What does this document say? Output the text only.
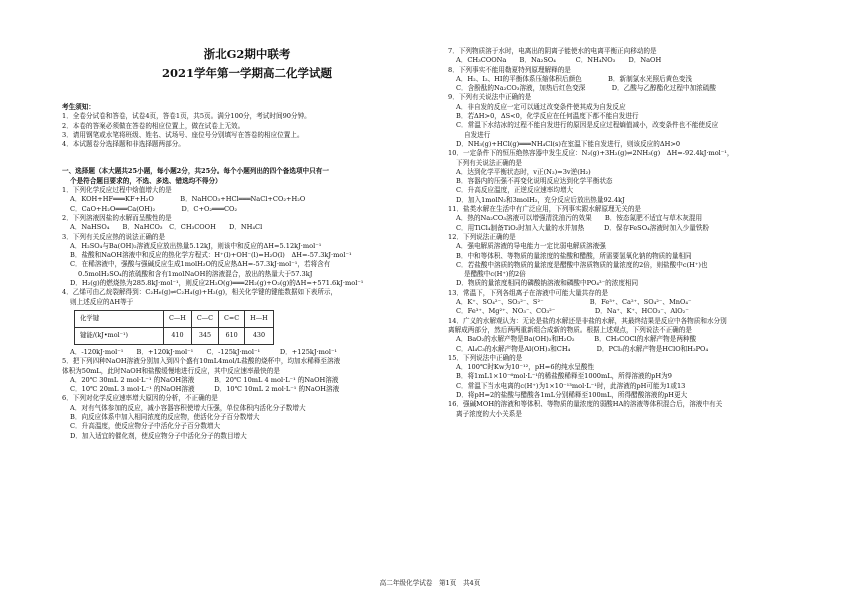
浙北G2期中联考
2021学年第一学期高二化学试题
考生须知：
1．全卷分试卷和答卷，试卷4页，答卷1页，共5页。满分100分，考试时间90分钟。
2．本卷的答案必须做在答卷的相应位置上，做在试卷上无效。
3．请用钢笔或水笔将班级、姓名、试场号、座位号分别填写在答卷的相应位置上。
4．本试题卷分选择题和非选择题两部分。
一、选择题（本大题共25小题，每小题2分，共25分。每个小题列出的四个备选项中只有一
个是符合题目要求的，不选、多选、错选均不得分）
1．下列化学反应过程中焓值增大的是
A．KOH+HF═══KF+H₂O　　　　B．NaHCO₃+HCl═══NaCl+CO₂+H₂O
C．CaO+H₂O═══Ca(OH)₂　　　　D．C+O₂═══CO₂
2．下列溶液因盐的水解而呈酸性的是
A．NaHSO₄　　B．NaHCO₃　C．CH₃COOH　　D．NH₄Cl
3．下列有关反应热的说法正确的是
A．H₂SO₄与Ba(OH)₂溶液反应放出热量5.12kJ，则该中和反应的ΔH=5.12kJ·mol⁻¹
B．盐酸和NaOH溶液中和反应的热化学方程式：H⁺(l)+OH⁻(l)=H₂O(l)　ΔH=-57.3kJ·mol⁻¹
C．在稀溶液中，强酸与强碱反应生成1molH₂O的反应热ΔH=-57.3kJ·mol⁻¹，若将含有
0.5molH₂SO₄的浓硫酸和含有1molNaOH的溶液混合，放出的热量大于57.3kJ
D．H₂(g)的燃烧热为285.8kJ·mol⁻¹，则反应2H₂O(g)═══2H₂(g)+O₂(g)的ΔH=+571.6kJ·mol⁻¹
4．乙烯可由乙烷裂解得到：C₂H₆(g)⇌C₂H₄(g)+H₂(g)，相关化学键的键能数据如下表所示，
则上述反应的ΔH等于
化学键	C—H	C—C	C=C	H—H
键能/(kJ•mol⁻¹)	410	345	610	430
A．-120kJ·mol⁻¹　　B．+120kJ·mol⁻¹　　C．-125kJ·mol⁻¹　　　D．+125kJ·mol⁻¹
5．把下列四种NaOH溶液分别加入到四个盛有10mL4mol/L盐酸的烧杯中，均加水稀释至溶液
体积为50mL，此时NaOH和盐酸缓慢地进行反应，其中反应速率最快的是
A．20℃ 30mL 2 mol·L⁻¹ 的NaOH溶液　　　B．20℃ 10mL 4 mol·L⁻¹ 的NaOH溶液
C．10℃ 20mL 3 mol·L⁻¹ 的NaOH溶液　　　D．10℃ 10mL 2 mol·L⁻¹ 的NaOH溶液
6．下列对化学反应速率增大原因的分析，不正确的是
A．对有气体参加的反应，减小容器容积使增大压强，单位体积内活化分子数增大
B．向反应体系中加入相同浓度的反应物，使活化分子百分数增大
C．升高温度，使反应物分子中活化分子百分数增大
D．加入适宜的催化剂，使反应物分子中活化分子的数目增大
7．下列物质溶于水时，电离出的阴离子能使水的电离平衡正向移动的是
A．CH₃COONa　　B．Na₂SO₄　　　C．NH₄NO₃　　D．NaOH
8．下列事实不能用勒夏特列原理解释的是
A．H₂、I₂、HI的平衡体系压缩体积后颜色　　　　B．新制氯水光照后黄色变浅
C．含酚酞的Na₂CO₃溶液，加热后红色变深　　　　D．乙酸与乙醇酯化过程中加浓硫酸
9．下列有关说法中正确的是
A．非自发的反应一定可以通过改变条件使其成为自发反应
B．若ΔH>0，ΔS<0，化学反应在任何温度下都不能自发进行
C．常温下水结冰的过程不能自发进行的原因是反应过程熵值减小，改变条件也不能使反应
自发进行
D．NH₃(g)+HCl(g)═══NH₄Cl(s)在室温下能自发进行，则该反应的ΔH>0
10．一定条件下的恒压绝热容器中发生反应：N₂(g)+3H₂(g)⇌2NH₃(g)　ΔH=-92.4kJ·mol⁻¹，
下列有关说法正确的是
A．达到化学平衡状态时，v正(N₂)=3v逆(H₂)
B．容器内的压强不再变化说明反应达到化学平衡状态
C．升高反应温度，正逆反应速率均增大
D．加入1molN₂和3molH₂，充分反应后放出热量92.4kJ
11．盐类水解在生活中有广泛应用，下列事实跟水解原理无关的是
A．热的Na₂CO₃溶液可以增强清洗油污的效果　　B．铵态氮肥不适宜与草木灰混用
C．用TiCl₄制备TiO₂时加入大量的水并加热　　　D．保存FeSO₄溶液时加入少量铁粉
12．下列说法正确的是
A．强电解质溶液的导电能力一定比弱电解质溶液强
B．中和等体积、等物质的量浓度的盐酸和醋酸，所需要氢氧化钠的物质的量相同
C．若盐酸中溶质的物质的量浓度是醋酸中溶质物质的量浓度的2倍，则盐酸中c(H⁺)也
是醋酸中c(H⁺)的2倍
D．物质的量浓度相同的磷酸钠溶液和磷酸中PO₄³⁻的浓度相同
13．常温下，下列各组离子在溶液中可能大量共存的是
A．K⁺、SO₄²⁻、SO₃²⁻、S²⁻　　　　　　　B．Fe³⁺、Ca²⁺、SO₄²⁻、MnO₄⁻
C．Fe³⁺、Mg²⁺、NO₃⁻、CO₃²⁻　　　　　　D．Na⁺、K⁺、HCO₃⁻、AlO₂⁻
14．广义的水解观认为：无论是盐的水解还是非盐的水解，其最终结果是反应中各物质和水分别
离解成两部分，然后两两重新组合成新的物质。根据上述观点，下列说法不正确的是
A．BaO₂的水解产物是Ba(OH)₂和H₂O₂　　　B．CH₃COCl的水解产物是两种酸
C．Al₄C₃的水解产物是Al(OH)₃和CH₄　　　　D．PCl₃的水解产物是HClO和H₃PO₄
15．下列说法中正确的是
A．100℃时Kw为10⁻¹²，pH=6的纯水呈酸性
B．将1mL1×10⁻⁶mol·L⁻¹的稀盐酸稀释至1000mL，所得溶液的pH为9
C．常温下当水电离的c(H⁺)为1×10⁻¹³mol·L⁻¹时，此溶液的pH可能为1或13
D．将pH=2的盐酸与醋酸各1mL分别稀释至100mL，所得醋酸溶液的pH更大
16．强碱MOH的溶液和等体积、等物质的量浓度的弱酸HA的溶液等体积混合后，溶液中有关
离子浓度的大小关系是
高二年级化学试卷　第1页　共4页
